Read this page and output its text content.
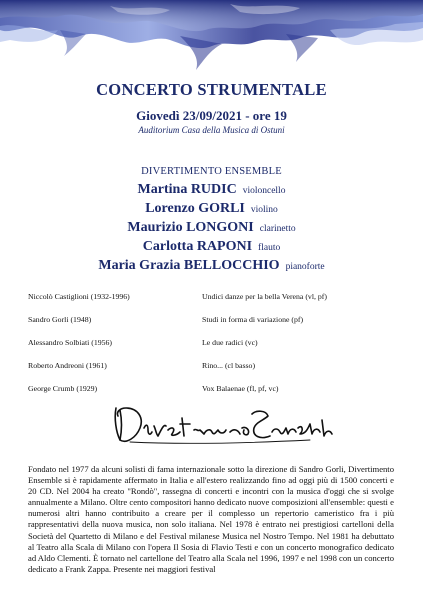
CONCERTO STRUMENTALE
Giovedì 23/09/2021 - ore 19
Auditorium Casa della Musica di Ostuni
DIVERTIMENTO ENSEMBLE
Martina RUDIC violoncello
Lorenzo GORLI violino
Maurizio LONGONI clarinetto
Carlotta RAPONI flauto
Maria Grazia BELLOCCHIO pianoforte
Niccolò Castiglioni (1932-1996)	Undici danze per la bella Verena (vl, pf)
Sandro Gorli (1948)	Studi in forma di variazione (pf)
Alessandro Solbiati (1956)	Le due radici (vc)
Roberto Andreoni (1961)	Rino... (cl basso)
George Crumb (1929)	Vox Balaenae (fl, pf, vc)
Fondato nel 1977 da alcuni solisti di fama internazionale sotto la direzione di Sandro Gorli, Divertimento Ensemble si è rapidamente affermato in Italia e all'estero realizzando fino ad oggi più di 1500 concerti e 20 CD. Nel 2004 ha creato "Rondò", rassegna di concerti e incontri con la musica d'oggi che si svolge annualmente a Milano. Oltre cento compositori hanno dedicato nuove composizioni all'ensemble: questi e numerosi altri hanno contribuito a creare per il complesso un repertorio cameristico fra i più rappresentativi della nuova musica, non solo italiana. Nel 1978 è entrato nei prestigiosi cartelloni della Società del Quartetto di Milano e del Festival milanese Musica nel Nostro Tempo. Nel 1981 ha debuttato al Teatro alla Scala di Milano con l'opera Il Sosia di Flavio Testi e con un concerto monografico dedicato ad Aldo Clementi. È tornato nel cartellone del Teatro alla Scala nel 1996, 1997 e nel 1998 con un concerto dedicato a Frank Zappa. Presente nei maggiori festival
